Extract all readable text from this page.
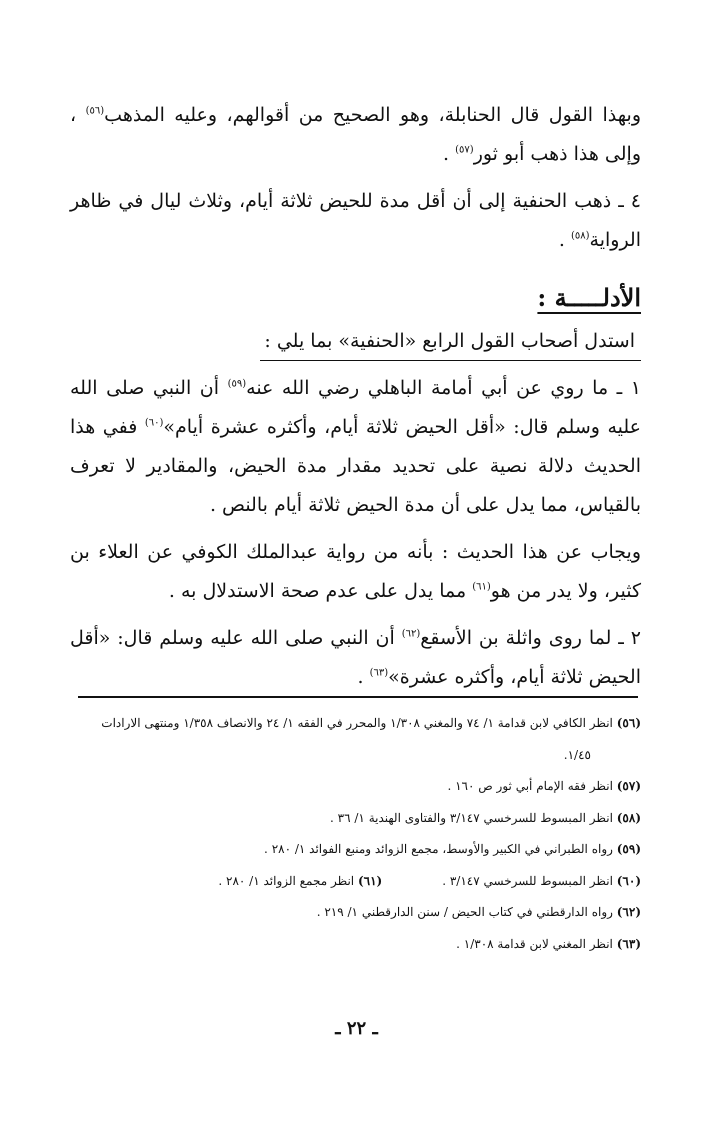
وبهذا القول قال الحنابلة، وهو الصحيح من أقوالهم، وعليه المذهب$^{(٥٦)}$ ، وإلى هذا ذهب أبو ثور$^{(٥٧)}$ .

٤ ـ ذهب الحنفية إلى أن أقل مدة للحيض ثلاثة أيام، وثلاث ليال في ظاهر الرواية$^{(٥٨)}$ .

الأدلـــــة :

استدل أصحاب القول الرابع «الحنفية» بما يلي :

١ ـ ما روي عن أبي أمامة الباهلي رضي الله عنه$^{(٥٩)}$ أن النبي صلى الله عليه وسلم قال: «أقل الحيض ثلاثة أيام، وأكثره عشرة أيام»$^{(٦٠)}$ ففي هذا الحديث دلالة نصية على تحديد مقدار مدة الحيض، والمقادير لا تعرف بالقياس، مما يدل على أن مدة الحيض ثلاثة أيام بالنص .

ويجاب عن هذا الحديث : بأنه من رواية عبدالملك الكوفي عن العلاء بن كثير، ولا يدر من هو$^{(٦١)}$ مما يدل على عدم صحة الاستدلال به .

٢ ـ لما روى واثلة بن الأسقع$^{(٦٢)}$ أن النبي صلى الله عليه وسلم قال: «أقل الحيض ثلاثة أيام، وأكثره عشرة»$^{(٦٣)}$ .

(٥٦) انظر الكافي لابن قدامة ١/ ٧٤ والمغني ١/٣٠٨ والمحرر في الفقه ١/ ٢٤ والانصاف ١/٣٥٨ ومنتهى الارادات

١/٤٥.

(٥٧) انظر فقه الإمام أبي ثور ص ١٦٠ .

(٥٨) انظر المبسوط للسرخسي ٣/١٤٧ والفتاوى الهندية ١/ ٣٦ .

(٥٩) رواه الطبراني في الكبير والأوسط، مجمع الزوائد ومنبع الفوائد ١/ ٢٨٠ .

(٦٠) انظر المبسوط للسرخسي ٣/١٤٧ .
(٦١) انظر مجمع الزوائد ١/ ٢٨٠ .

(٦٢) رواه الدارقطني في كتاب الحيض / سنن الدارقطني ١/ ٢١٩ .

(٦٣) انظر المغني لابن قدامة ١/٣٠٨ .

ـ ٢٢ ـ
